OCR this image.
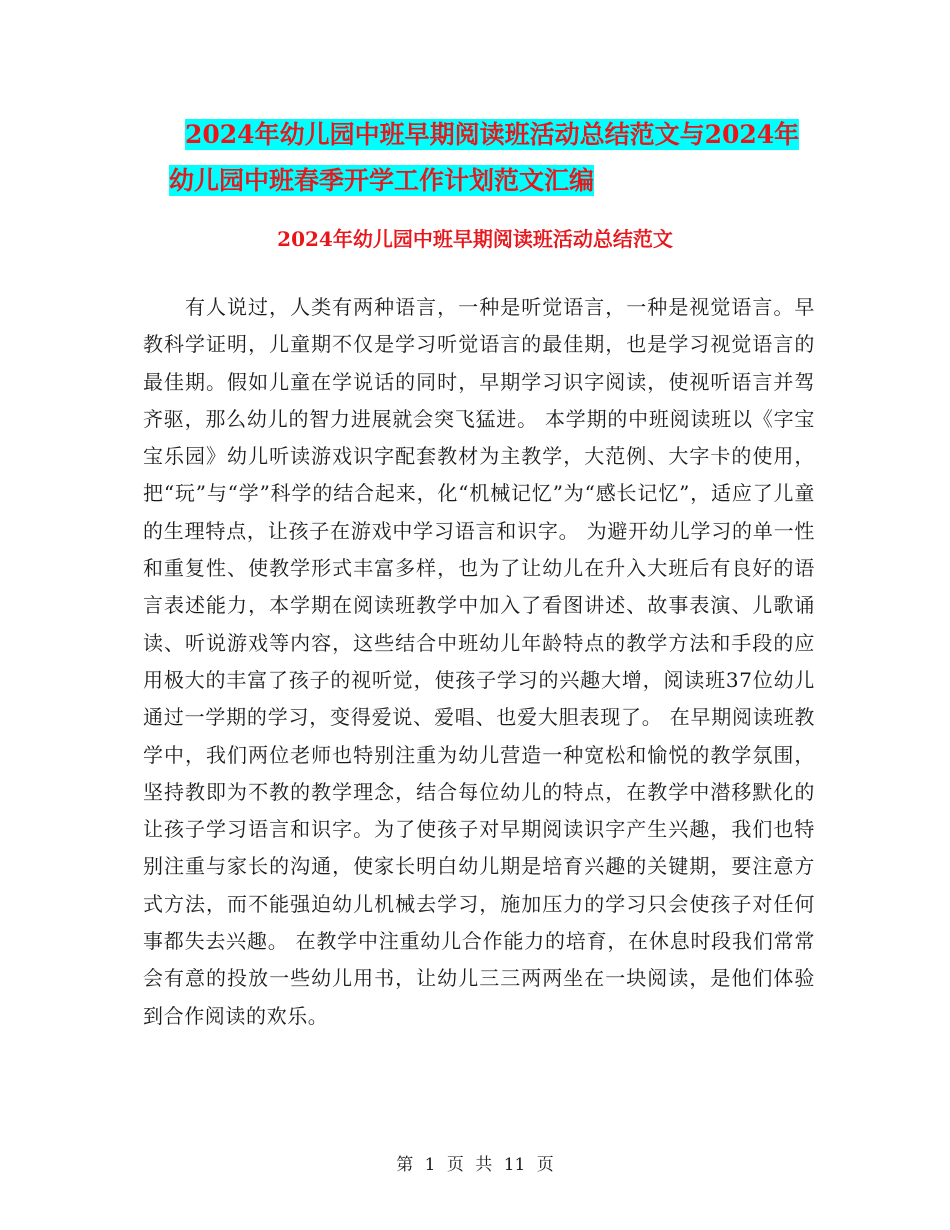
2024年幼儿园中班早期阅读班活动总结范文与2024年
幼儿园中班春季开学工作计划范文汇编
2024年幼儿园中班早期阅读班活动总结范文

有人说过，人类有两种语言，一种是听觉语言，一种是视觉语言。早教科学证明，儿童期不仅是学习听觉语言的最佳期，也是学习视觉语言的最佳期。假如儿童在学说话的同时，早期学习识字阅读，使视听语言并驾齐驱，那么幼儿的智力进展就会突飞猛进。 本学期的中班阅读班以《字宝宝乐园》幼儿听读游戏识字配套教材为主教学，大范例、大字卡的使用，把“玩”与“学”科学的结合起来，化“机械记忆”为“感长记忆”，适应了儿童的生理特点，让孩子在游戏中学习语言和识字。 为避开幼儿学习的单一性和重复性、使教学形式丰富多样，也为了让幼儿在升入大班后有良好的语言表述能力，本学期在阅读班教学中加入了看图讲述、故事表演、儿歌诵读、听说游戏等内容，这些结合中班幼儿年龄特点的教学方法和手段的应用极大的丰富了孩子的视听觉，使孩子学习的兴趣大增，阅读班37位幼儿通过一学期的学习，变得爱说、爱唱、也爱大胆表现了。 在早期阅读班教学中，我们两位老师也特别注重为幼儿营造一种宽松和愉悦的教学氛围，坚持教即为不教的教学理念，结合每位幼儿的特点，在教学中潜移默化的让孩子学习语言和识字。为了使孩子对早期阅读识字产生兴趣，我们也特别注重与家长的沟通，使家长明白幼儿期是培育兴趣的关键期，要注意方式方法，而不能强迫幼儿机械去学习，施加压力的学习只会使孩子对任何事都失去兴趣。 在教学中注重幼儿合作能力的培育，在休息时段我们常常会有意的投放一些幼儿用书，让幼儿三三两两坐在一块阅读，是他们体验到合作阅读的欢乐。

第 1 页 共 11 页
